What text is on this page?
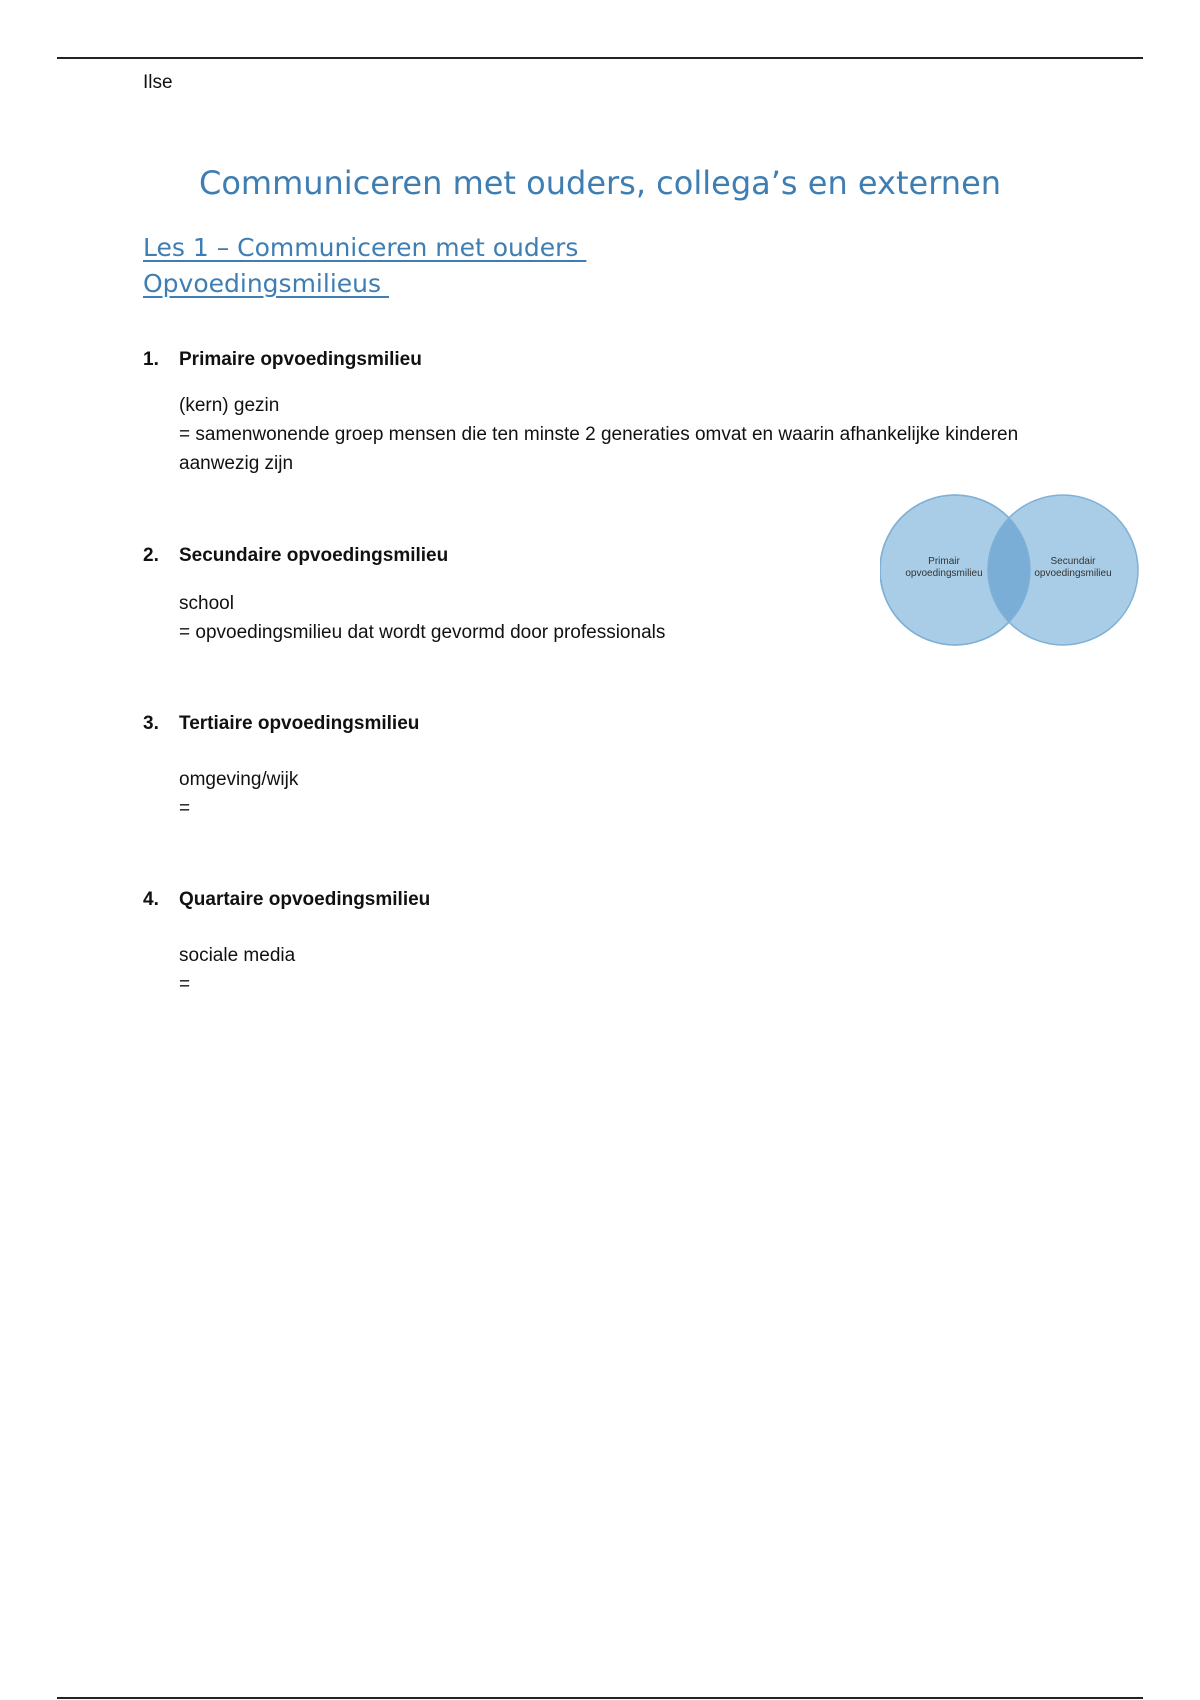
Ilse
Communiceren met ouders, collega’s en externen
Les 1 – Communiceren met ouders
Opvoedingsmilieus
1.	Primaire opvoedingsmilieu
(kern) gezin
= samenwonende groep mensen die ten minste 2 generaties omvat en waarin afhankelijke kinderen aanwezig zijn
2.	Secundaire opvoedingsmilieu
school
= opvoedingsmilieu dat wordt gevormd door professionals
3.	Tertiaire opvoedingsmilieu
omgeving/wijk
=
4.	Quartaire opvoedingsmilieu
sociale media
=
Primair
opvoedingsmilieu
Secundair
opvoedingsmilieu
